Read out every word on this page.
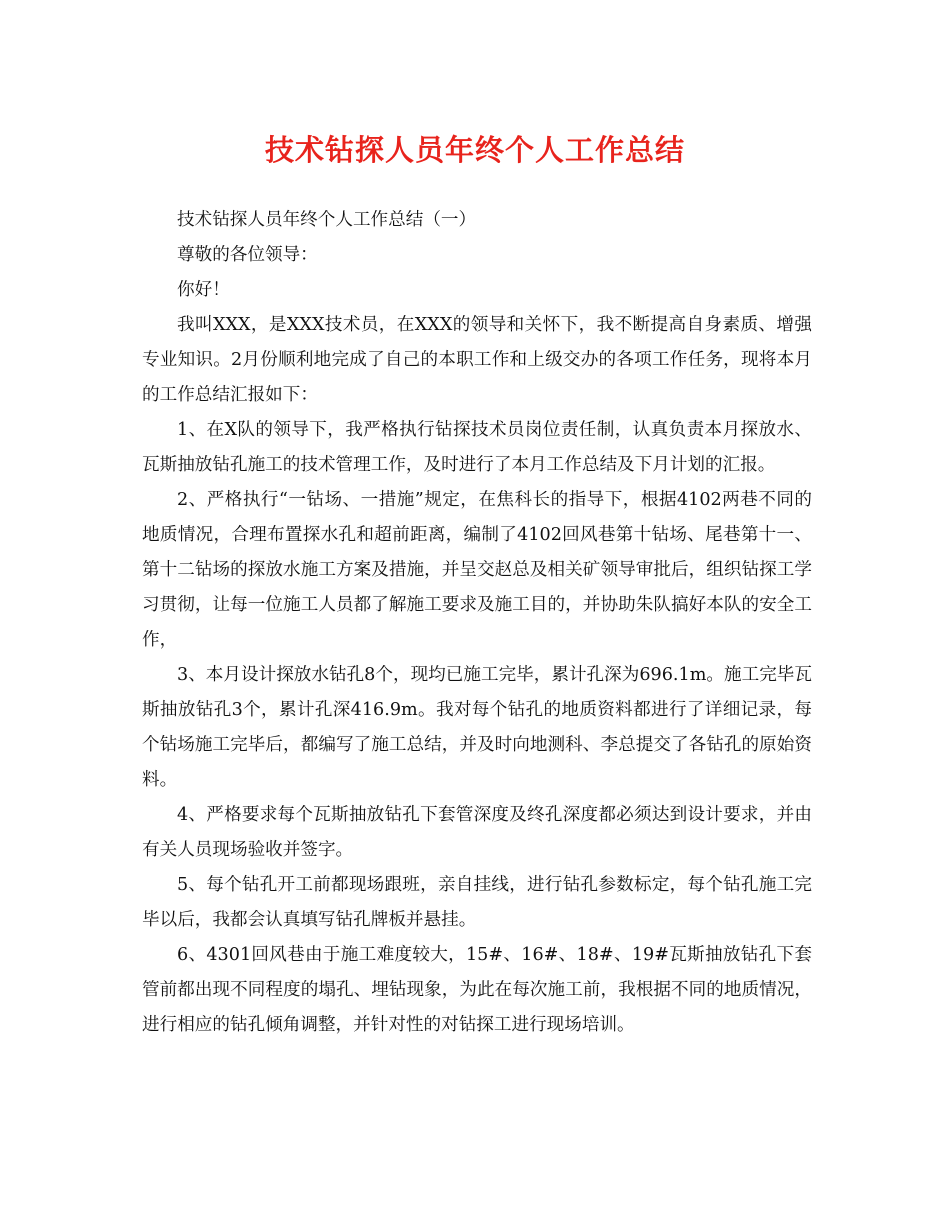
技术钻探人员年终个人工作总结

技术钻探人员年终个人工作总结（一）

尊敬的各位领导：

你好！

我叫XXX，是XXX技术员，在XXX的领导和关怀下，我不断提高自身素质、增强专业知识。2月份顺利地完成了自己的本职工作和上级交办的各项工作任务，现将本月的工作总结汇报如下：

1、在X队的领导下，我严格执行钻探技术员岗位责任制，认真负责本月探放水、瓦斯抽放钻孔施工的技术管理工作，及时进行了本月工作总结及下月计划的汇报。

2、严格执行“一钻场、一措施”规定，在焦科长的指导下，根据4102两巷不同的地质情况，合理布置探水孔和超前距离，编制了4102回风巷第十钻场、尾巷第十一、第十二钻场的探放水施工方案及措施，并呈交赵总及相关矿领导审批后，组织钻探工学习贯彻，让每一位施工人员都了解施工要求及施工目的，并协助朱队搞好本队的安全工作，

3、本月设计探放水钻孔8个，现均已施工完毕，累计孔深为696.1m。施工完毕瓦斯抽放钻孔3个，累计孔深416.9m。我对每个钻孔的地质资料都进行了详细记录，每个钻场施工完毕后，都编写了施工总结，并及时向地测科、李总提交了各钻孔的原始资料。

4、严格要求每个瓦斯抽放钻孔下套管深度及终孔深度都必须达到设计要求，并由有关人员现场验收并签字。

5、每个钻孔开工前都现场跟班，亲自挂线，进行钻孔参数标定，每个钻孔施工完毕以后，我都会认真填写钻孔牌板并悬挂。

6、4301回风巷由于施工难度较大，15#、16#、18#、19#瓦斯抽放钻孔下套管前都出现不同程度的塌孔、埋钻现象，为此在每次施工前，我根据不同的地质情况，进行相应的钻孔倾角调整，并针对性的对钻探工进行现场培训。
